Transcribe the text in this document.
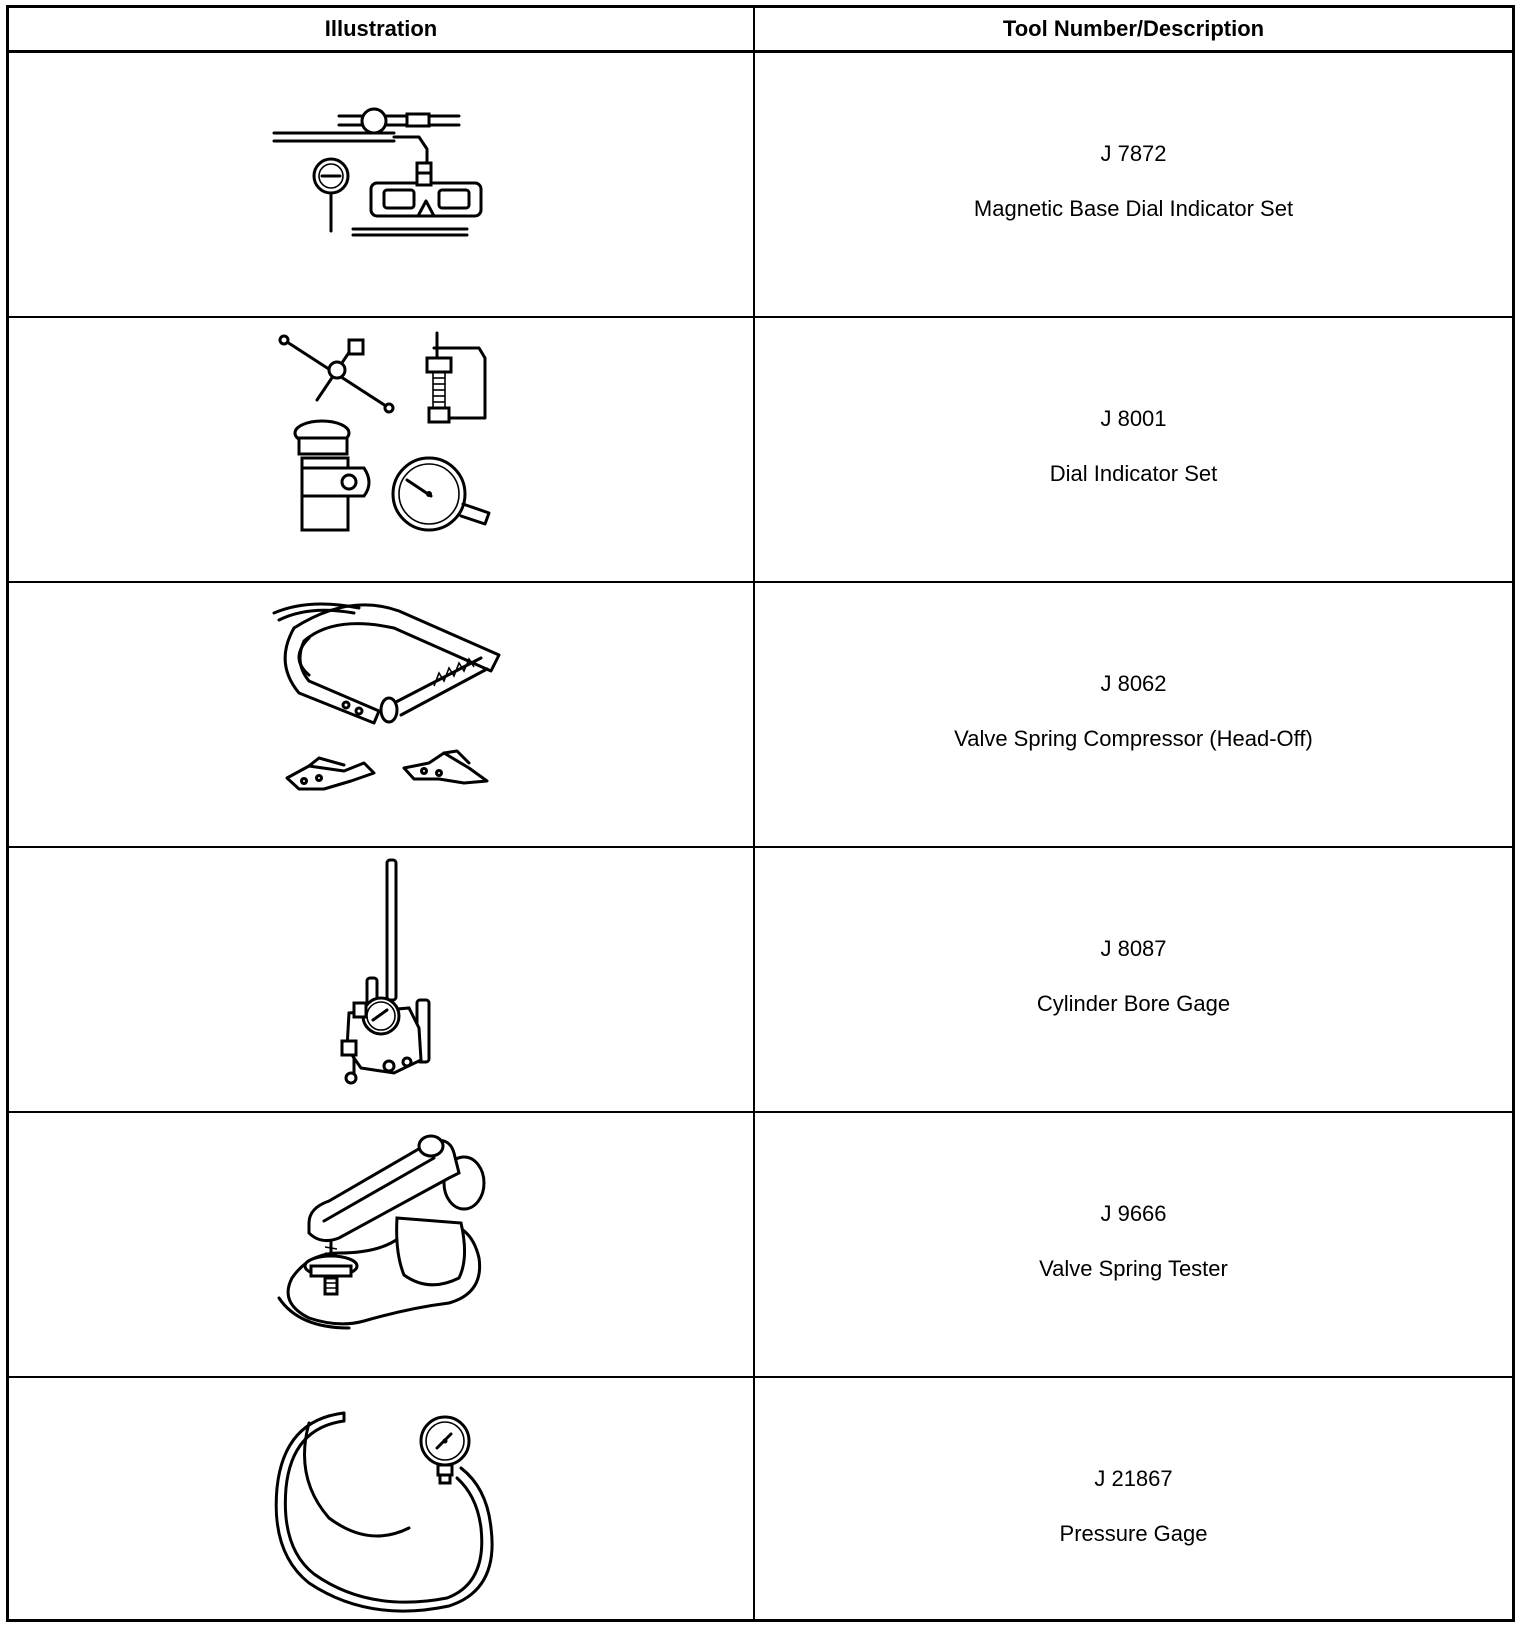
Illustration	Tool Number/Description
J 7872
Magnetic Base Dial Indicator Set
J 8001
Dial Indicator Set
J 8062
Valve Spring Compressor (Head-Off)
J 8087
Cylinder Bore Gage
J 9666
Valve Spring Tester
J 21867
Pressure Gage
